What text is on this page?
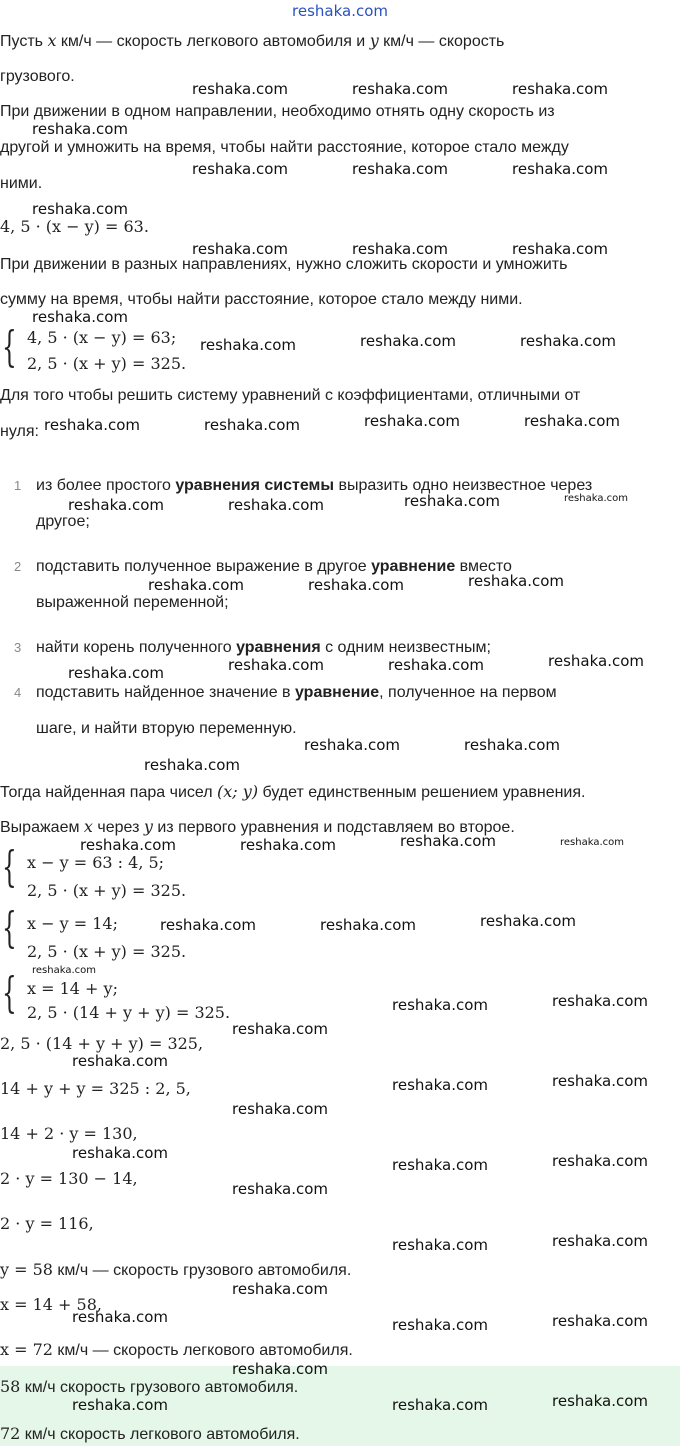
reshaka.com
Пусть x км/ч — скорость легкового автомобиля и y км/ч — скорость
грузового.
При движении в одном направлении, необходимо отнять одну скорость из
другой и умножить на время, чтобы найти расстояние, которое стало между
ними.
4, 5 · (x − y) = 63.
При движении в разных направлениях, нужно сложить скорости и умножить
сумму на время, чтобы найти расстояние, которое стало между ними.
{ 4, 5 · (x − y) = 63;
2, 5 · (x + y) = 325.
Для того чтобы решить систему уравнений с коэффициентами, отличными от
нуля:
1 из более простого уравнения системы выразить одно неизвестное через
другое;
2 подставить полученное выражение в другое уравнение вместо
выраженной переменной;
3 найти корень полученного уравнения с одним неизвестным;
4 подставить найденное значение в уравнение, полученное на первом
шаге, и найти вторую переменную.
Тогда найденная пара чисел (x; y) будет единственным решением уравнения.
Выражаем x через y из первого уравнения и подставляем во второе.
{ x − y = 63 : 4, 5;
2, 5 · (x + y) = 325.
{ x − y = 14;
2, 5 · (x + y) = 325.
{ x = 14 + y;
2, 5 · (14 + y + y) = 325.
2, 5 · (14 + y + y) = 325,
14 + y + y = 325 : 2, 5,
14 + 2 · y = 130,
2 · y = 130 − 14,
2 · y = 116,
y = 58 км/ч — скорость грузового автомобиля.
x = 14 + 58,
x = 72 км/ч — скорость легкового автомобиля.
58 км/ч скорость грузового автомобиля.
72 км/ч скорость легкового автомобиля.
reshaka.com	reshaka.com	reshaka.com
reshaka.com
reshaka.com	reshaka.com	reshaka.com
reshaka.com
reshaka.com	reshaka.com	reshaka.com
reshaka.com
reshaka.com	reshaka.com	reshaka.com
reshaka.com	reshaka.com	reshaka.com	reshaka.com
reshaka.com	reshaka.com	reshaka.com	reshaka.com
reshaka.com	reshaka.com	reshaka.com
reshaka.com	reshaka.com	reshaka.com	reshaka.com
reshaka.com	reshaka.com
reshaka.com
reshaka.com	reshaka.com	reshaka.com	reshaka.com
reshaka.com	reshaka.com	reshaka.com
reshaka.com
reshaka.com	reshaka.com
reshaka.com
reshaka.com
reshaka.com	reshaka.com
reshaka.com
reshaka.com
reshaka.com	reshaka.com
reshaka.com
reshaka.com	reshaka.com
reshaka.com
reshaka.com	reshaka.com	reshaka.com
reshaka.com
reshaka.com	reshaka.com	reshaka.com
